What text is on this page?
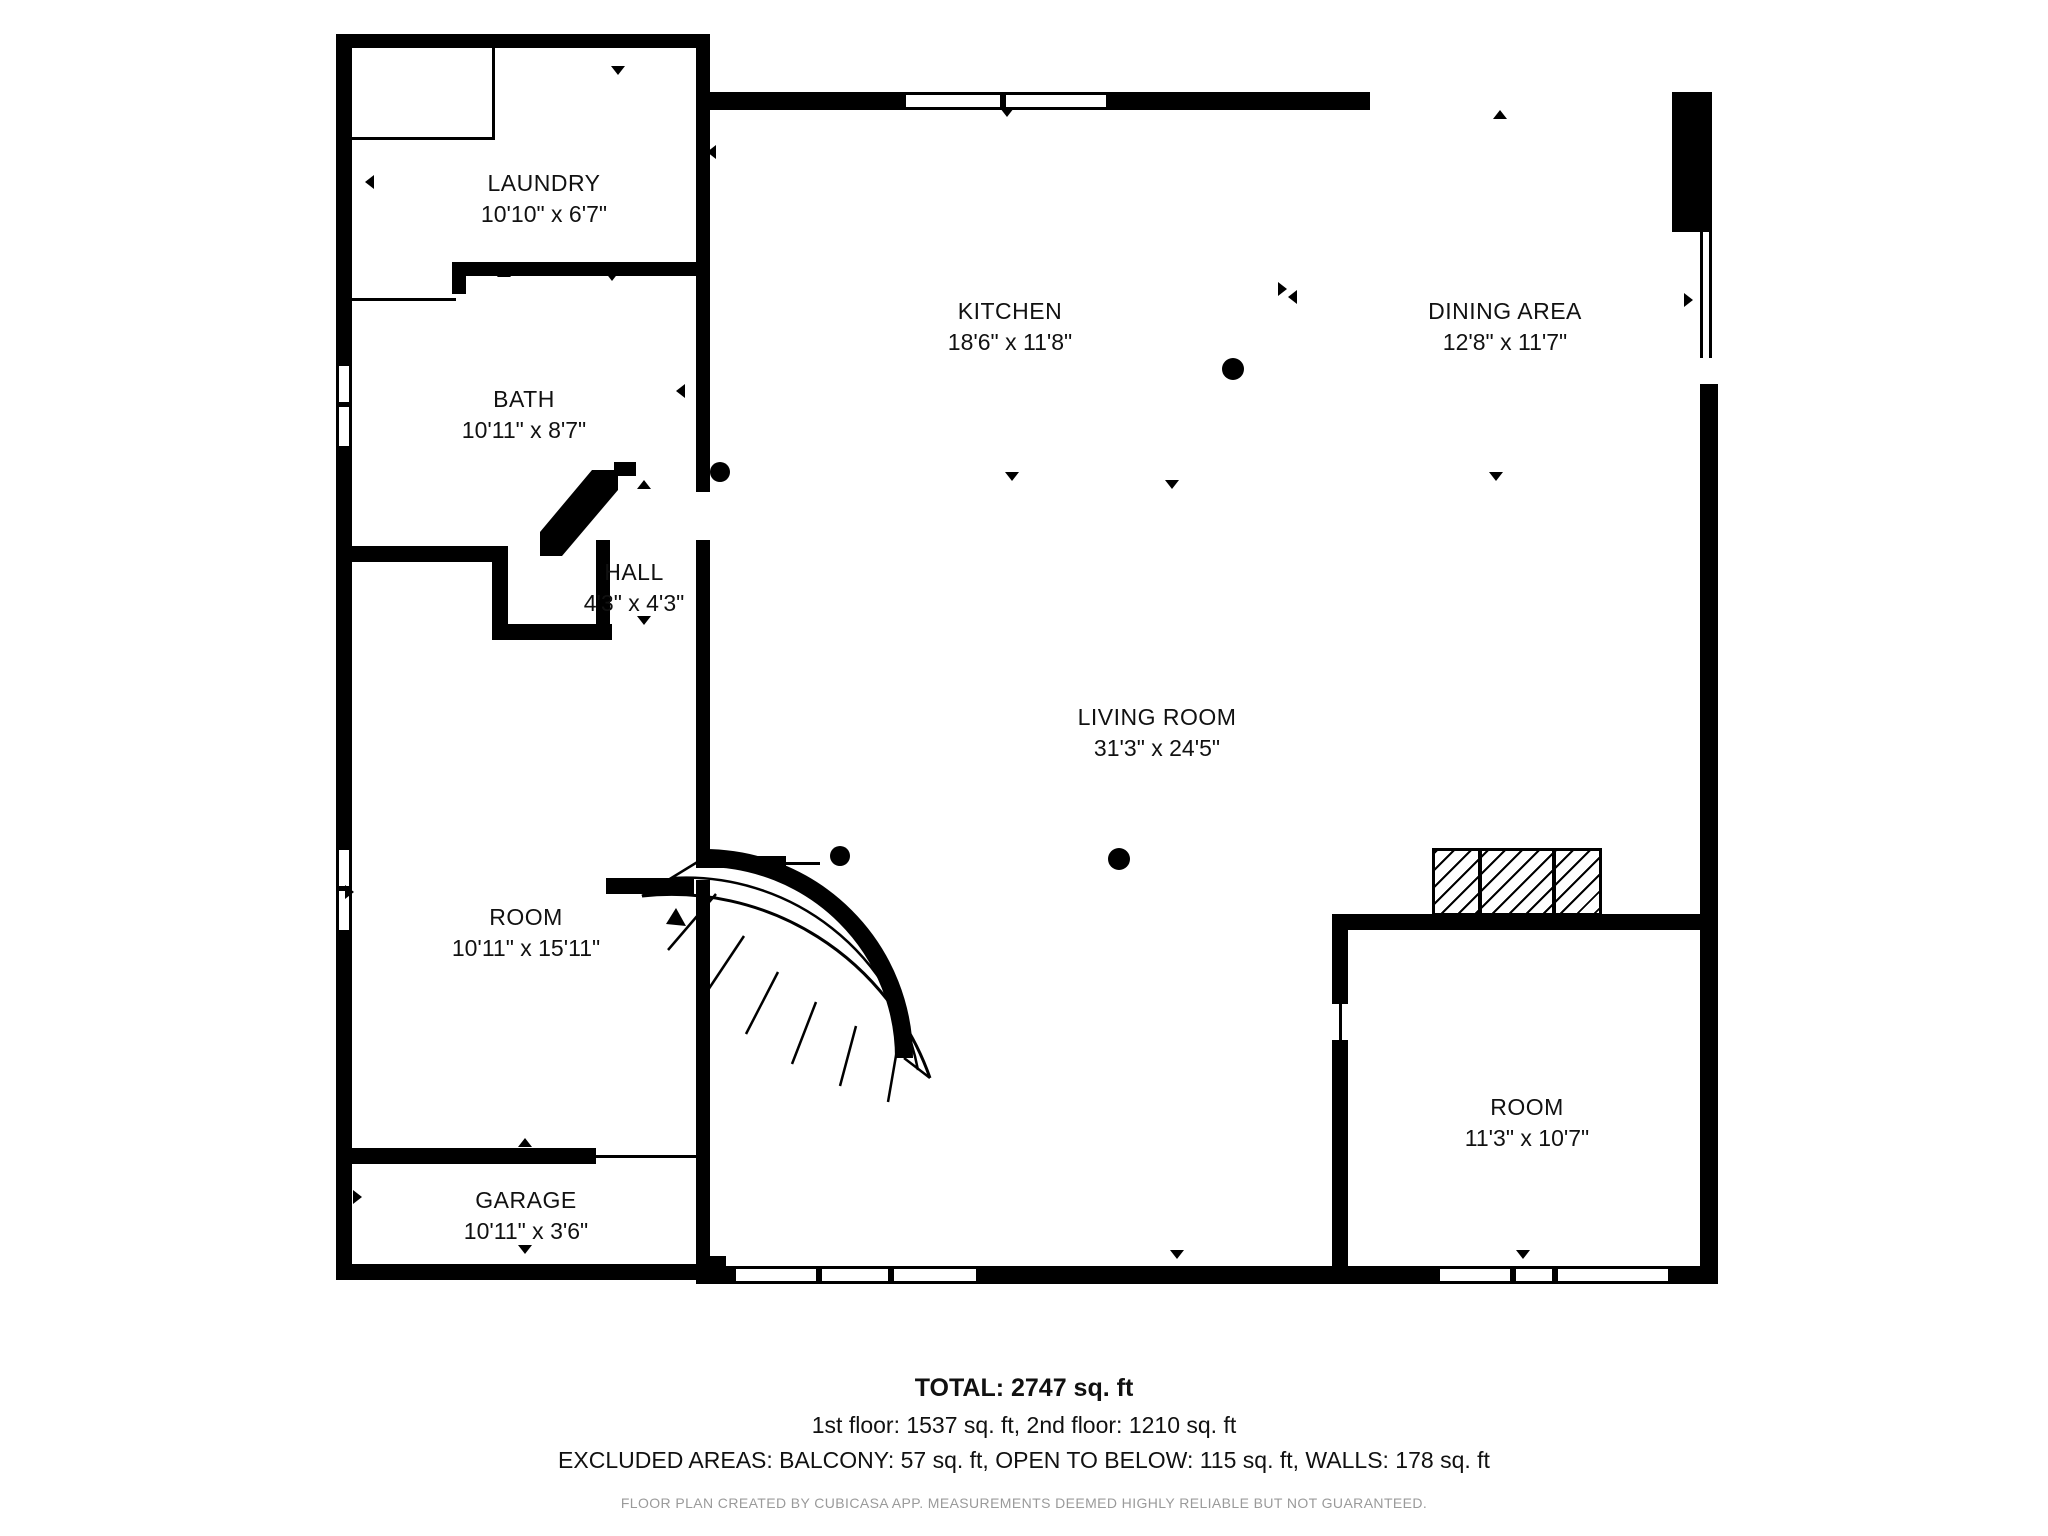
LAUNDRY
10'10" x 6'7"
BATH
10'11" x 8'7"
HALL
4'3" x 4'3"
KITCHEN
18'6" x 11'8"
DINING AREA
12'8" x 11'7"
LIVING ROOM
31'3" x 24'5"
ROOM
10'11" x 15'11"
ROOM
11'3" x 10'7"
GARAGE
10'11" x 3'6"
TOTAL: 2747 sq. ft
1st floor: 1537 sq. ft, 2nd floor: 1210 sq. ft
EXCLUDED AREAS: BALCONY: 57 sq. ft, OPEN TO BELOW: 115 sq. ft, WALLS: 178 sq. ft
FLOOR PLAN CREATED BY CUBICASA APP. MEASUREMENTS DEEMED HIGHLY RELIABLE BUT NOT GUARANTEED.
